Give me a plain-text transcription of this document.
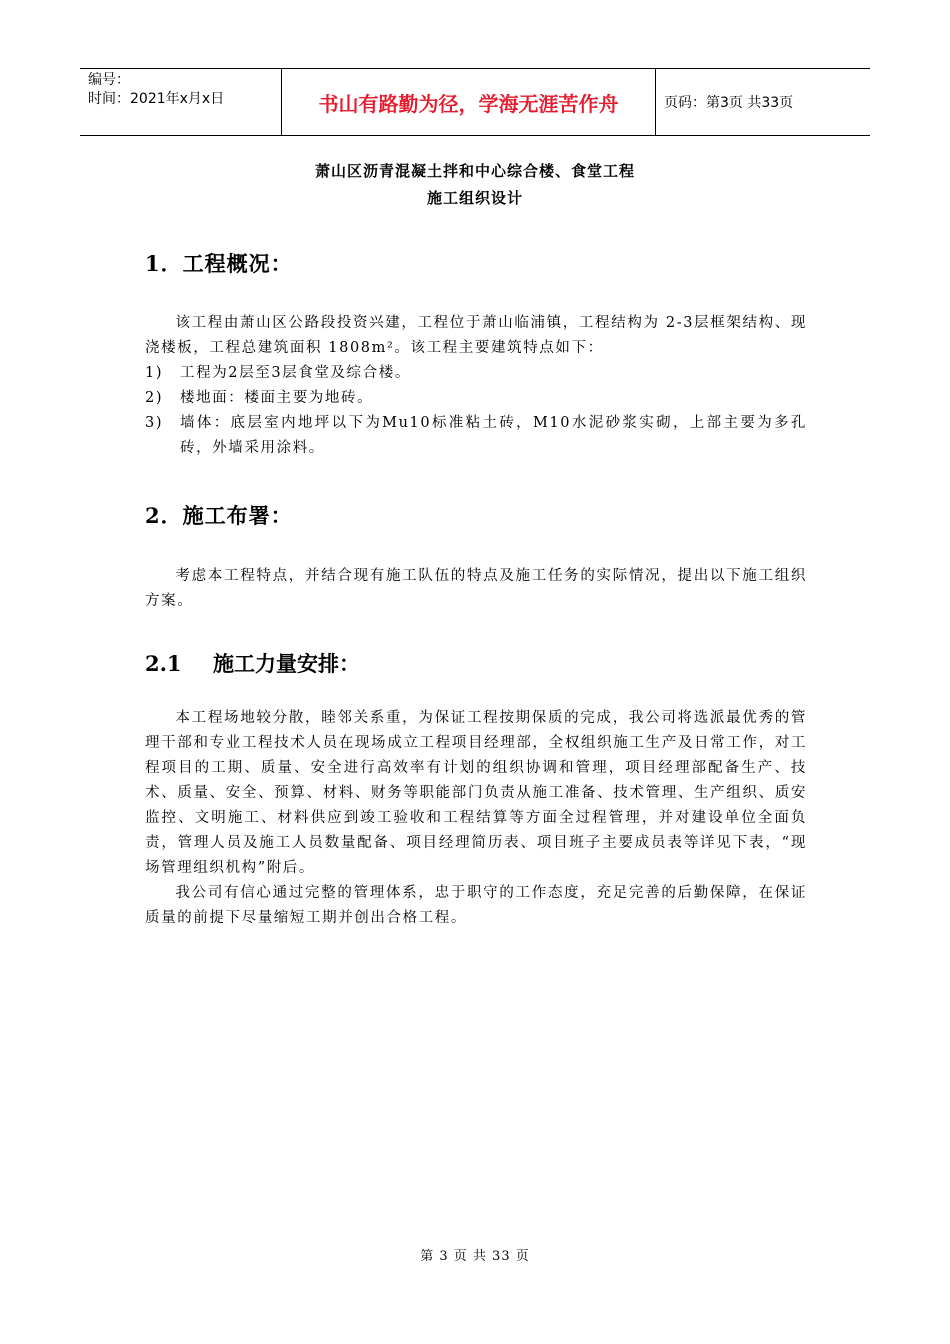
编号：
时间：2021年x月x日	书山有路勤为径，学海无涯苦作舟	页码：第3页 共33页
萧山区沥青混凝土拌和中心综合楼、食堂工程
施工组织设计
1．工程概况：

该工程由萧山区公路段投资兴建，工程位于萧山临浦镇，工程结构为 2-3层框架结构、现浇楼板，工程总建筑面积 1808m²。该工程主要建筑特点如下：

1) 工程为2层至3层食堂及综合楼。

2) 楼地面：楼面主要为地砖。

3) 墙体：底层室内地坪以下为Mu10标准粘土砖，M10水泥砂浆实砌，上部主要为多孔砖，外墙采用涂料。

2．施工布署：

考虑本工程特点，并结合现有施工队伍的特点及施工任务的实际情况，提出以下施工组织方案。

2.1 施工力量安排：

本工程场地较分散，睦邻关系重，为保证工程按期保质的完成，我公司将选派最优秀的管理干部和专业工程技术人员在现场成立工程项目经理部，全权组织施工生产及日常工作，对工程项目的工期、质量、安全进行高效率有计划的组织协调和管理，项目经理部配备生产、技术、质量、安全、预算、材料、财务等职能部门负责从施工准备、技术管理、生产组织、质安监控、文明施工、材料供应到竣工验收和工程结算等方面全过程管理，并对建设单位全面负责，管理人员及施工人员数量配备、项目经理简历表、项目班子主要成员表等详见下表，“现场管理组织机构”附后。

我公司有信心通过完整的管理体系，忠于职守的工作态度，充足完善的后勤保障，在保证质量的前提下尽量缩短工期并创出合格工程。

第 3 页 共 33 页
